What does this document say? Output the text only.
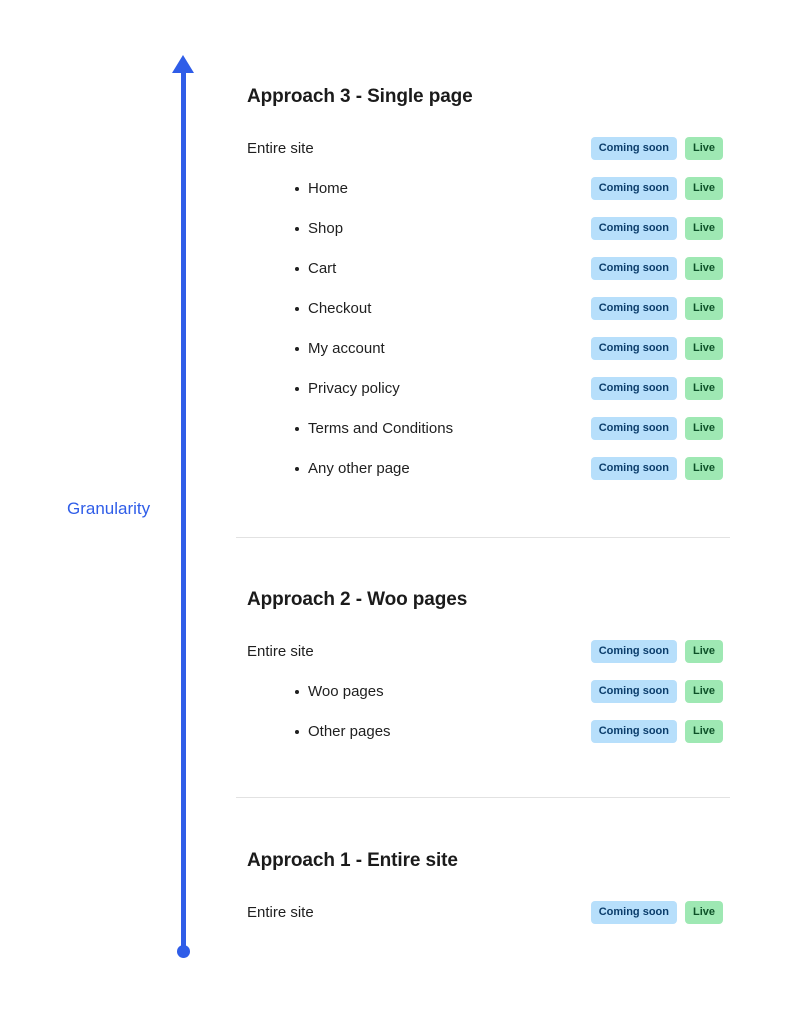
Granularity
Approach 3 - Single page
Entire site	Coming soon	Live
Home	Coming soon	Live
Shop	Coming soon	Live
Cart	Coming soon	Live
Checkout	Coming soon	Live
My account	Coming soon	Live
Privacy policy	Coming soon	Live
Terms and Conditions	Coming soon	Live
Any other page	Coming soon	Live
Approach 2 - Woo pages
Entire site	Coming soon	Live
Woo pages	Coming soon	Live
Other pages	Coming soon	Live
Approach 1 - Entire site
Entire site	Coming soon	Live
